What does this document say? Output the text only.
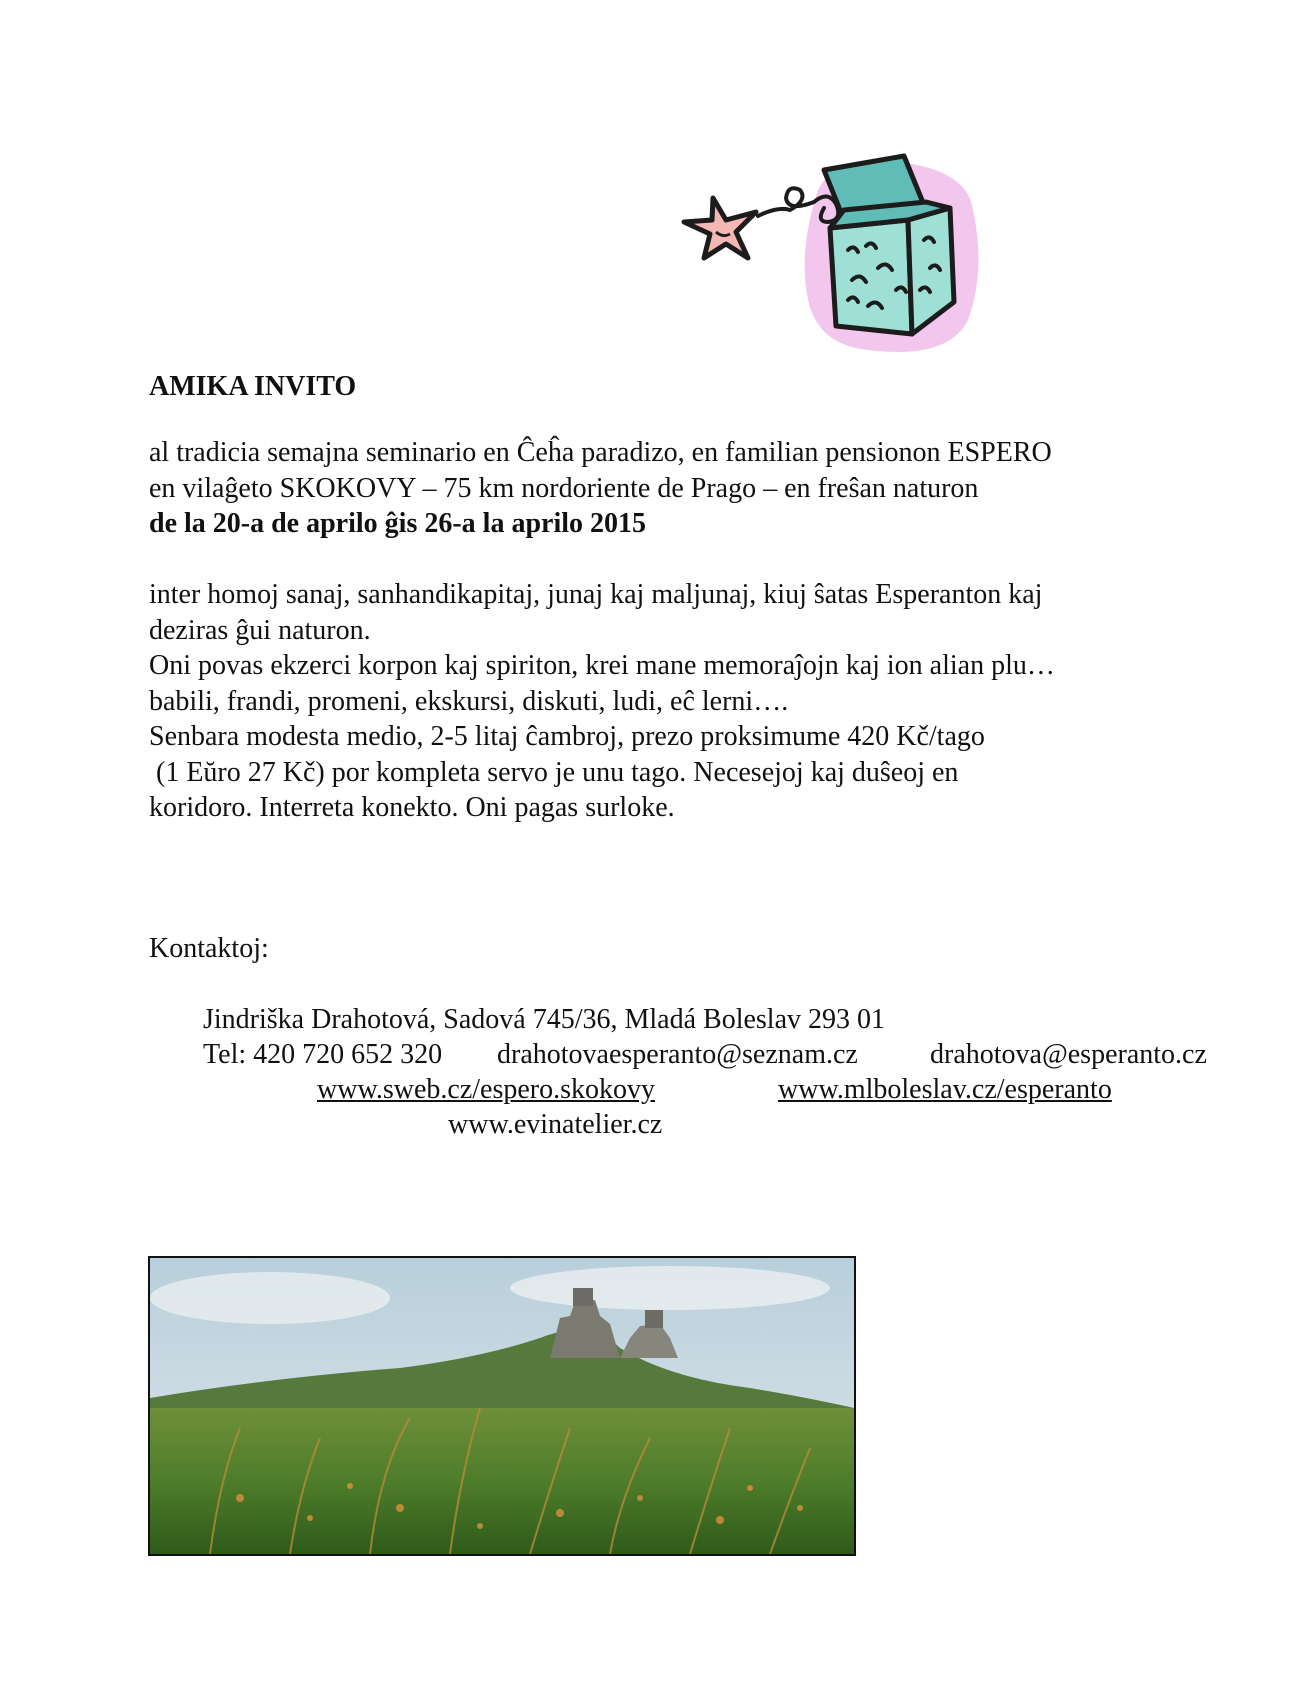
AMIKA INVITO
al tradicia semajna seminario en Ĉeĥa paradizo, en familian pensionon ESPERO
en vilaĝeto SKOKOVY – 75 km nordoriente de Prago – en freŝan naturon
de la 20-a de aprilo ĝis 26-a la aprilo 2015
inter homoj sanaj, sanhandikapitaj, junaj kaj maljunaj, kiuj ŝatas Esperanton kaj
deziras ĝui naturon.
Oni povas ekzerci korpon kaj spiriton, krei mane memoraĵojn kaj ion alian plu…
babili, frandi, promeni, ekskursi, diskuti, ludi, eĉ lerni….
Senbara modesta medio, 2-5 litaj ĉambroj, prezo proksimume 420 Kč/tago
(1 Eŭro 27 Kč) por kompleta servo je unu tago. Necesejoj kaj duŝeoj en
koridoro. Interreta konekto. Oni pagas surloke.
Kontaktoj:
Jindriška Drahotová, Sadová 745/36, Mladá Boleslav 293 01
Tel: 420 720 652 320 drahotovaesperanto@seznam.cz	drahotova@esperanto.cz
www.sweb.cz/espero.skokovy	www.mlboleslav.cz/esperanto
www.evinatelier.cz
